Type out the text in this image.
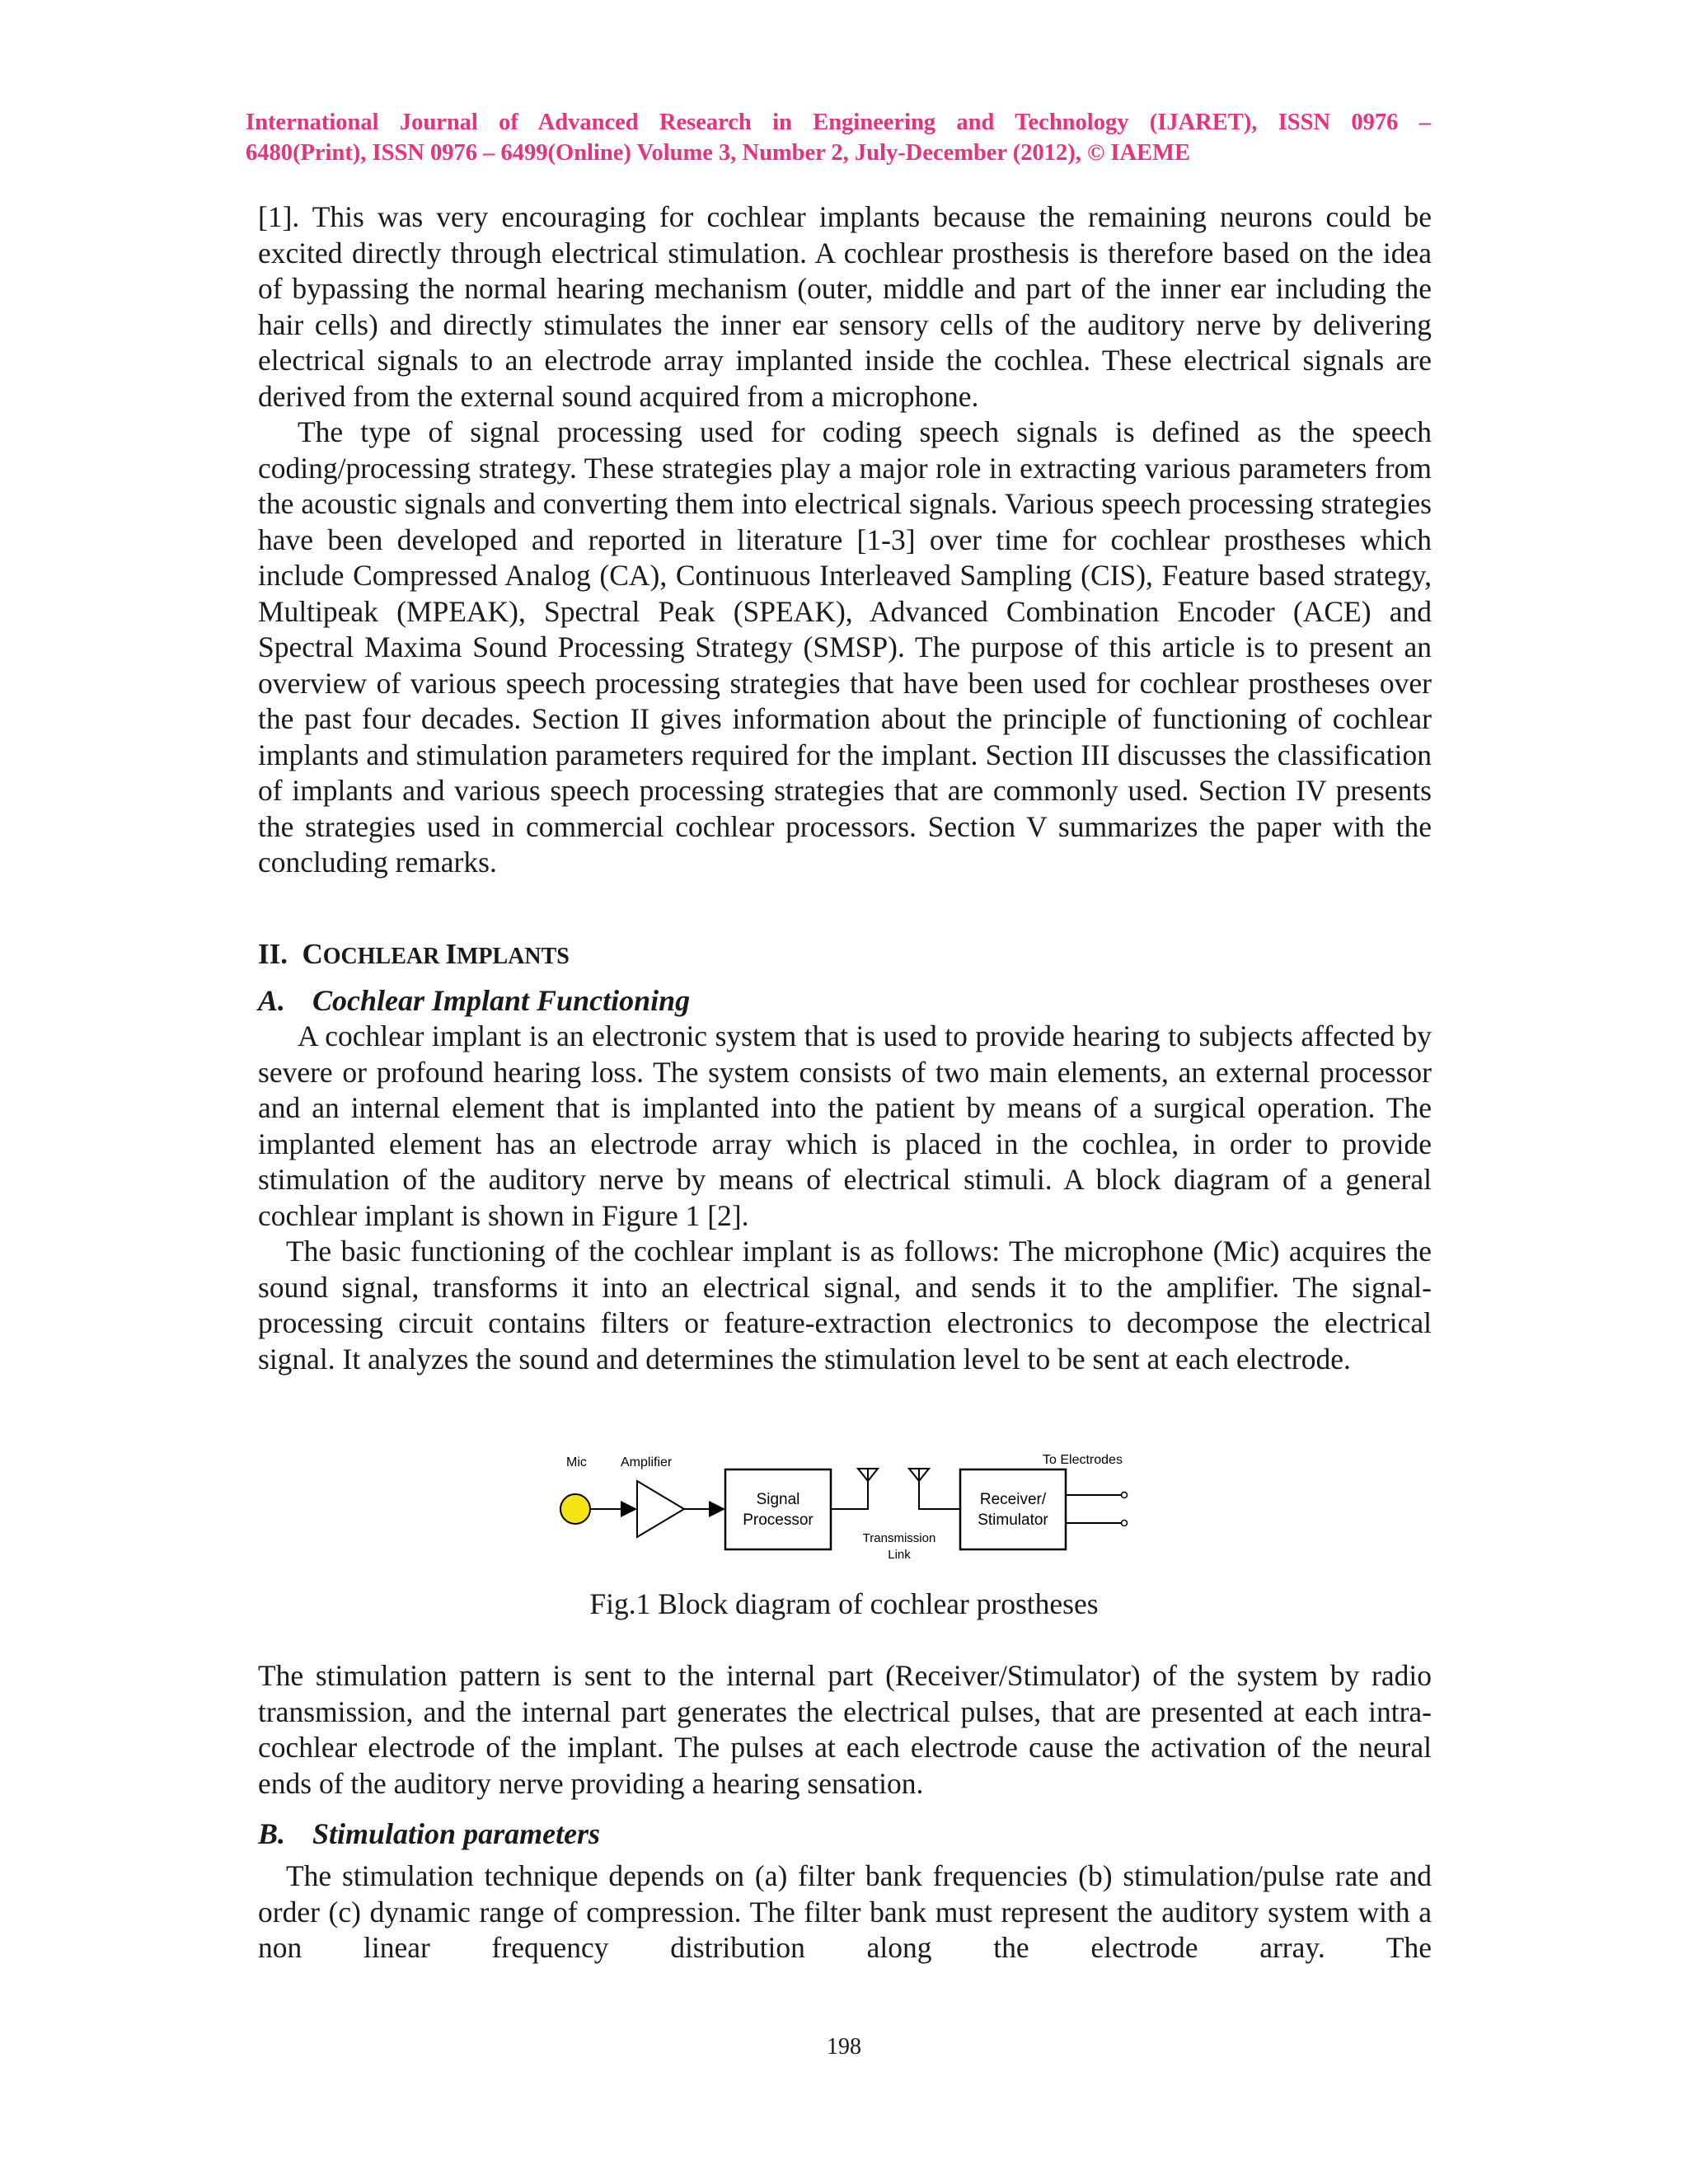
International Journal of Advanced Research in Engineering and Technology (IJARET), ISSN 0976 –
6480(Print), ISSN 0976 – 6499(Online) Volume 3, Number 2, July-December (2012), © IAEME

[1]. This was very encouraging for cochlear implants because the remaining neurons could be excited directly through electrical stimulation. A cochlear prosthesis is therefore based on the idea of bypassing the normal hearing mechanism (outer, middle and part of the inner ear including the hair cells) and directly stimulates the inner ear sensory cells of the auditory nerve by delivering electrical signals to an electrode array implanted inside the cochlea. These electrical signals are derived from the external sound acquired from a microphone.

The type of signal processing used for coding speech signals is defined as the speech coding/processing strategy. These strategies play a major role in extracting various parameters from the acoustic signals and converting them into electrical signals. Various speech processing strategies have been developed and reported in literature [1-3] over time for cochlear prostheses which include Compressed Analog (CA), Continuous Interleaved Sampling (CIS), Feature based strategy, Multipeak (MPEAK), Spectral Peak (SPEAK), Advanced Combination Encoder (ACE) and Spectral Maxima Sound Processing Strategy (SMSP). The purpose of this article is to present an overview of various speech processing strategies that have been used for cochlear prostheses over the past four decades. Section II gives information about the principle of functioning of cochlear implants and stimulation parameters required for the implant. Section III discusses the classification of implants and various speech processing strategies that are commonly used. Section IV presents the strategies used in commercial cochlear processors. Section V summarizes the paper with the concluding remarks.

II. COCHLEAR IMPLANTS
A. Cochlear Implant Functioning

A cochlear implant is an electronic system that is used to provide hearing to subjects affected by severe or profound hearing loss. The system consists of two main elements, an external processor and an internal element that is implanted into the patient by means of a surgical operation. The implanted element has an electrode array which is placed in the cochlea, in order to provide stimulation of the auditory nerve by means of electrical stimuli. A block diagram of a general cochlear implant is shown in Figure 1 [2].

The basic functioning of the cochlear implant is as follows: The microphone (Mic) acquires the sound signal, transforms it into an electrical signal, and sends it to the amplifier. The signal-processing circuit contains filters or feature-extraction electronics to decompose the electrical signal. It analyzes the sound and determines the stimulation level to be sent at each electrode.

Mic	Amplifier	To Electrodes
Signal
Processor
Transmission
Link
Receiver/
Stimulator
Fig.1 Block diagram of cochlear prostheses

The stimulation pattern is sent to the internal part (Receiver/Stimulator) of the system by radio transmission, and the internal part generates the electrical pulses, that are presented at each intra-cochlear electrode of the implant. The pulses at each electrode cause the activation of the neural ends of the auditory nerve providing a hearing sensation.

B. Stimulation parameters

The stimulation technique depends on (a) filter bank frequencies (b) stimulation/pulse rate and order (c) dynamic range of compression. The filter bank must represent the auditory system with a non linear frequency distribution along the electrode array. The

198
